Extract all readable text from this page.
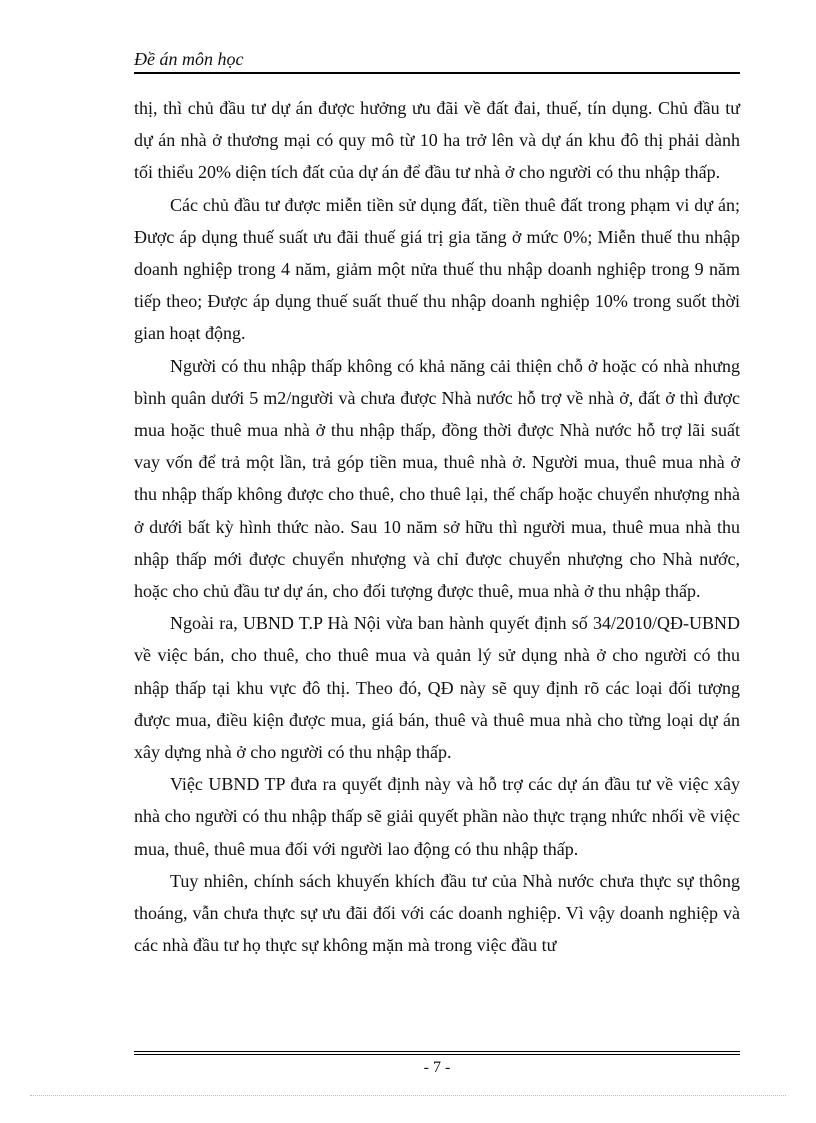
Đề án môn học

thị, thì chủ đầu tư dự án được hưởng ưu đãi về đất đai, thuế, tín dụng. Chủ đầu tư dự án nhà ở thương mại có quy mô từ 10 ha trở lên và dự án khu đô thị phải dành tối thiểu 20% diện tích đất của dự án để đầu tư nhà ở cho người có thu nhập thấp.

Các chủ đầu tư được miễn tiền sử dụng đất, tiền thuê đất trong phạm vi dự án; Được áp dụng thuế suất ưu đãi thuế giá trị gia tăng ở mức 0%; Miễn thuế thu nhập doanh nghiệp trong 4 năm, giảm một nửa thuế thu nhập doanh nghiệp trong 9 năm tiếp theo; Được áp dụng thuế suất thuế thu nhập doanh nghiệp 10% trong suốt thời gian hoạt động.

Người có thu nhập thấp không có khả năng cải thiện chỗ ở hoặc có nhà nhưng bình quân dưới 5 m2/người và chưa được Nhà nước hỗ trợ về nhà ở, đất ở thì được mua hoặc thuê mua nhà ở thu nhập thấp, đồng thời được Nhà nước hỗ trợ lãi suất vay vốn để trả một lần, trả góp tiền mua, thuê nhà ở. Người mua, thuê mua nhà ở thu nhập thấp không được cho thuê, cho thuê lại, thế chấp hoặc chuyển nhượng nhà ở dưới bất kỳ hình thức nào. Sau 10 năm sở hữu thì người mua, thuê mua nhà thu nhập thấp mới được chuyển nhượng và chỉ được chuyển nhượng cho Nhà nước, hoặc cho chủ đầu tư dự án, cho đối tượng được thuê, mua nhà ở thu nhập thấp.

Ngoài ra, UBND T.P Hà Nội vừa ban hành quyết định số 34/2010/QĐ-UBND về việc bán, cho thuê, cho thuê mua và quản lý sử dụng nhà ở cho người có thu nhập thấp tại khu vực đô thị. Theo đó, QĐ này sẽ quy định rõ các loại đối tượng được mua, điều kiện được mua, giá bán, thuê và thuê mua nhà cho từng loại dự án xây dựng nhà ở cho người có thu nhập thấp.

Việc UBND TP đưa ra quyết định này và hỗ trợ các dự án đầu tư về việc xây nhà cho người có thu nhập thấp sẽ giải quyết phần nào thực trạng nhức nhối về việc mua, thuê, thuê mua đối với người lao động có thu nhập thấp.

Tuy nhiên, chính sách khuyến khích đầu tư của Nhà nước chưa thực sự thông thoáng, vẫn chưa thực sự ưu đãi đối với các doanh nghiệp. Vì vậy doanh nghiệp và các nhà đầu tư họ thực sự không mặn mà trong việc đầu tư

- 7 -
